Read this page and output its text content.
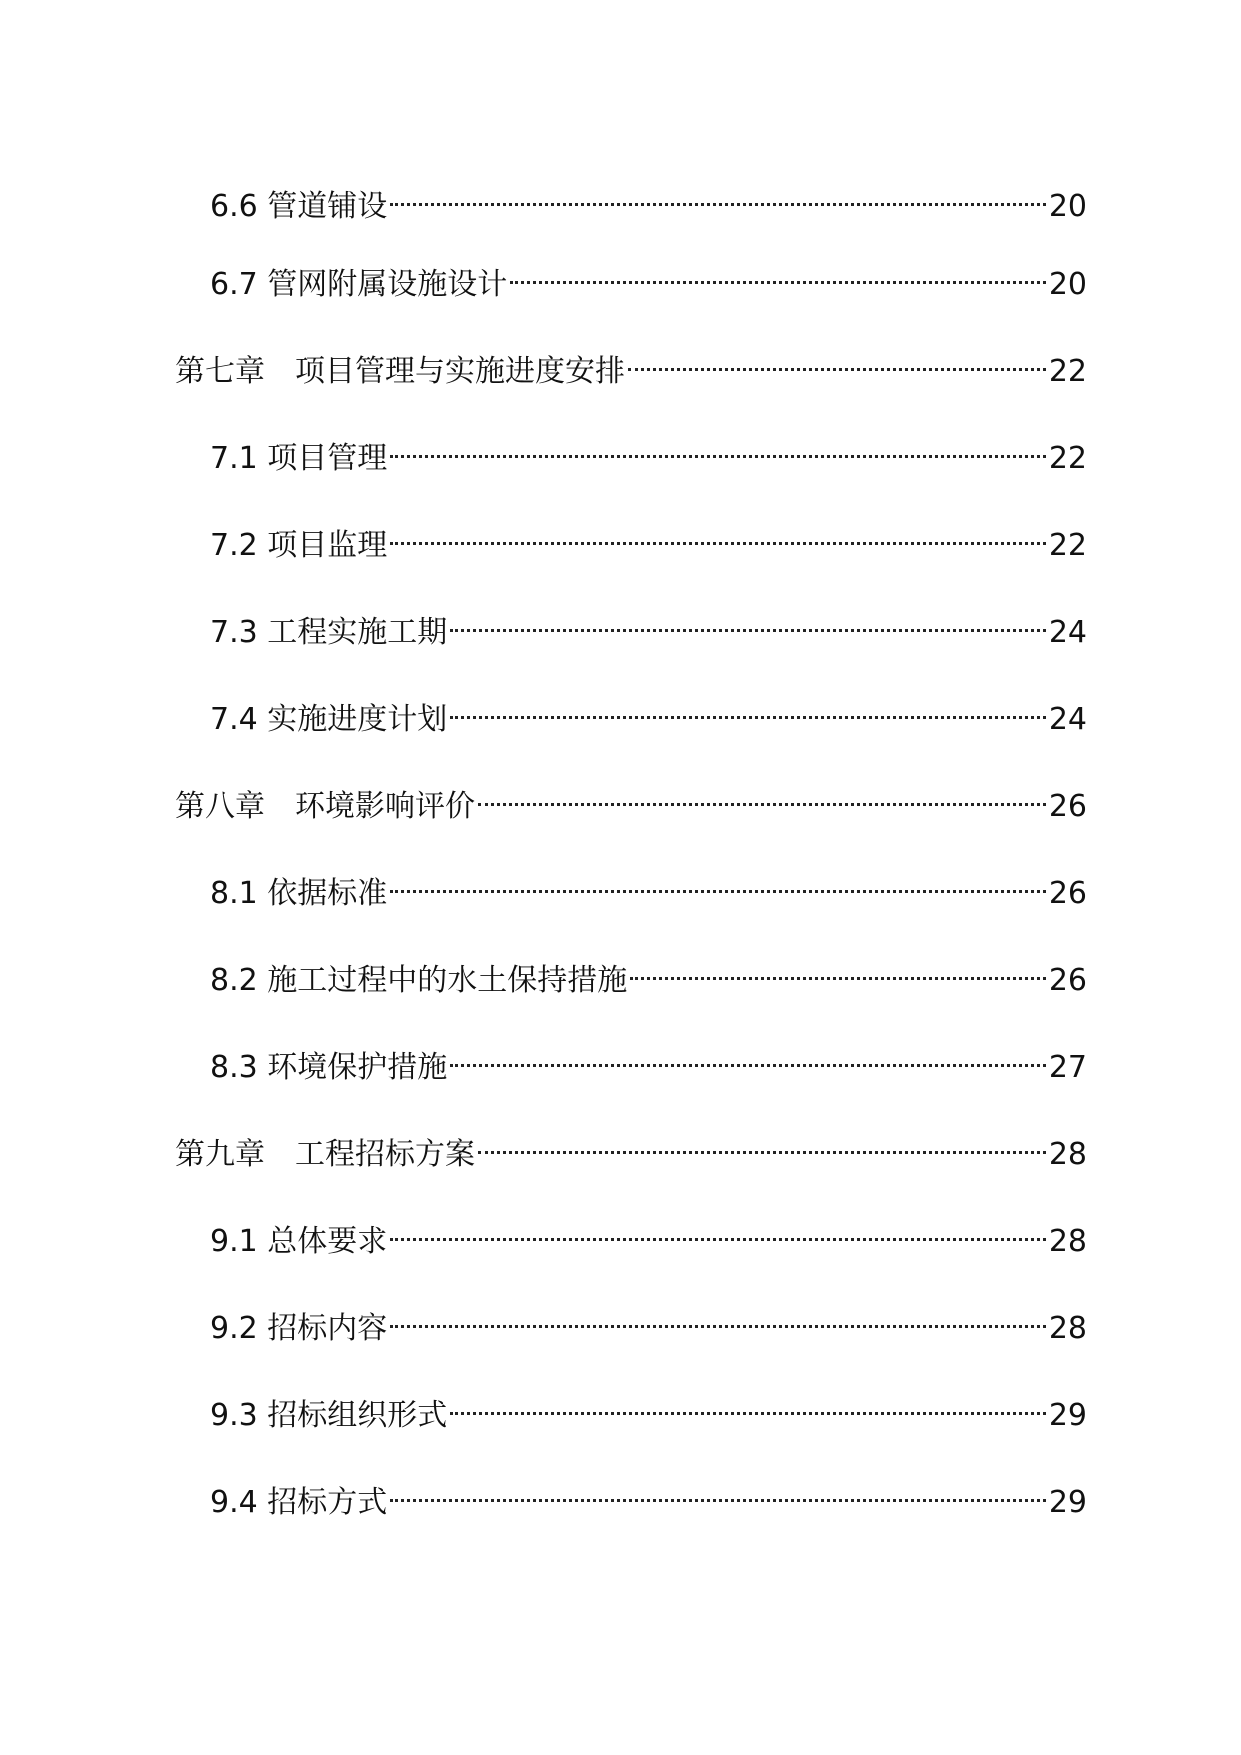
6.6 管道铺设	20
6.7 管网附属设施设计	20
第七章　项目管理与实施进度安排	22
7.1 项目管理	22
7.2 项目监理	22
7.3 工程实施工期	24
7.4 实施进度计划	24
第八章　环境影响评价	26
8.1 依据标准	26
8.2 施工过程中的水土保持措施	26
8.3 环境保护措施	27
第九章　工程招标方案	28
9.1 总体要求	28
9.2 招标内容	28
9.3 招标组织形式	29
9.4 招标方式	29
